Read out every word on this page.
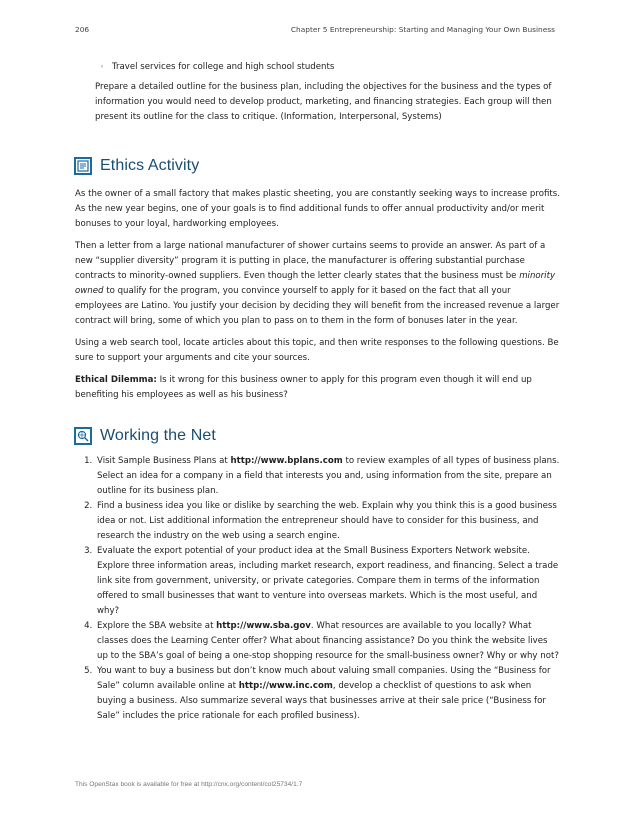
206	Chapter 5 Entrepreneurship: Starting and Managing Your Own Business
◦ Travel services for college and high school students

Prepare a detailed outline for the business plan, including the objectives for the business and the types of information you would need to develop product, marketing, and financing strategies. Each group will then present its outline for the class to critique. (Information, Interpersonal, Systems)

Ethics Activity

As the owner of a small factory that makes plastic sheeting, you are constantly seeking ways to increase profits. As the new year begins, one of your goals is to find additional funds to offer annual productivity and/or merit bonuses to your loyal, hardworking employees.

Then a letter from a large national manufacturer of shower curtains seems to provide an answer. As part of a new “supplier diversity” program it is putting in place, the manufacturer is offering substantial purchase contracts to minority-owned suppliers. Even though the letter clearly states that the business must be minority owned to qualify for the program, you convince yourself to apply for it based on the fact that all your employees are Latino. You justify your decision by deciding they will benefit from the increased revenue a larger contract will bring, some of which you plan to pass on to them in the form of bonuses later in the year.

Using a web search tool, locate articles about this topic, and then write responses to the following questions. Be sure to support your arguments and cite your sources.

Ethical Dilemma: Is it wrong for this business owner to apply for this program even though it will end up benefiting his employees as well as his business?

Working the Net
1. Visit Sample Business Plans at http://www.bplans.com to review examples of all types of business plans. Select an idea for a company in a field that interests you and, using information from the site, prepare an outline for its business plan.
2. Find a business idea you like or dislike by searching the web. Explain why you think this is a good business idea or not. List additional information the entrepreneur should have to consider for this business, and research the industry on the web using a search engine.
3. Evaluate the export potential of your product idea at the Small Business Exporters Network website. Explore three information areas, including market research, export readiness, and financing. Select a trade link site from government, university, or private categories. Compare them in terms of the information offered to small businesses that want to venture into overseas markets. Which is the most useful, and why?
4. Explore the SBA website at http://www.sba.gov. What resources are available to you locally? What classes does the Learning Center offer? What about financing assistance? Do you think the website lives up to the SBA’s goal of being a one-stop shopping resource for the small-business owner? Why or why not?
5. You want to buy a business but don’t know much about valuing small companies. Using the “Business for Sale” column available online at http://www.inc.com, develop a checklist of questions to ask when buying a business. Also summarize several ways that businesses arrive at their sale price (“Business for Sale” includes the price rationale for each profiled business).
This OpenStax book is available for free at http://cnx.org/content/col25734/1.7
